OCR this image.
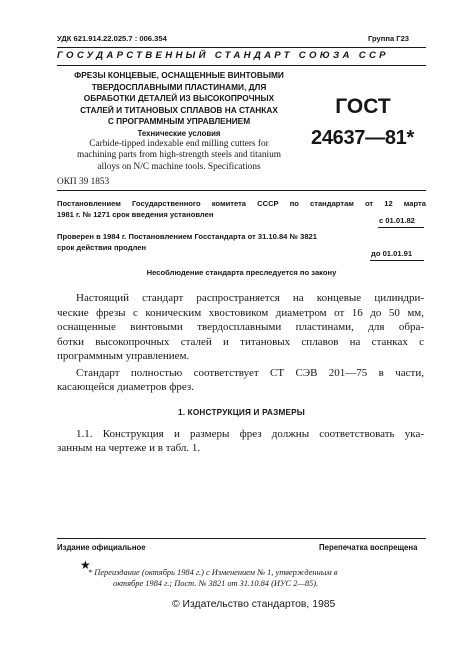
УДК 621.914.22.025.7 : 006.354	Группа Г23
ГОСУДАРСТВЕННЫЙ СТАНДАРТ СОЮЗА ССР
ФРЕЗЫ КОНЦЕВЫЕ, ОСНАЩЕННЫЕ ВИНТОВЫМИ
ТВЕРДОСПЛАВНЫМИ ПЛАСТИНАМИ, ДЛЯ
ОБРАБОТКИ ДЕТАЛЕЙ ИЗ ВЫСОКОПРОЧНЫХ
СТАЛЕЙ И ТИТАНОВЫХ СПЛАВОВ НА СТАНКАХ
С ПРОГРАММНЫМ УПРАВЛЕНИЕМ
Технические условия
Carbide-tipped indexable end milling cutters for
machining parts from high-strength steels and titanium
alloys on N/C machine tools. Specifications
ГОСТ
24637—81*
ОКП 39 1853
Постановлением Государственного комитета СССР по стандартам от 12 марта
1981 г. № 1271 срок введения установлен
с 01.01.82
Проверен в 1984 г. Постановлением Госстандарта от 31.10.84 № 3821
срок действия продлен
до 01.01.91
Несоблюдение стандарта преследуется по закону
Настоящий стандарт распространяется на концевые цилиндри-
ческие фрезы с коническим хвостовиком диаметром от 16 до 50 мм,
оснащенные винтовыми твердосплавными пластинами, для обра-
ботки высокопрочных сталей и титановых сплавов на станках с
программным управлением.
Стандарт полностью соответствует СТ СЭВ 201—75 в части,
касающейся диаметров фрез.
1. КОНСТРУКЦИЯ И РАЗМЕРЫ
1.1. Конструкция и размеры фрез должны соответствовать ука-
занным на чертеже и в табл. 1.
Издание официальное	Перепечатка воспрещена
★
* Переиздание (октябрь 1984 г.) с Изменением № 1, утвержденным в
октябре 1984 г.; Пост. № 3821 от 31.10.84 (ИУС 2—85).
© Издательство стандартов, 1985
